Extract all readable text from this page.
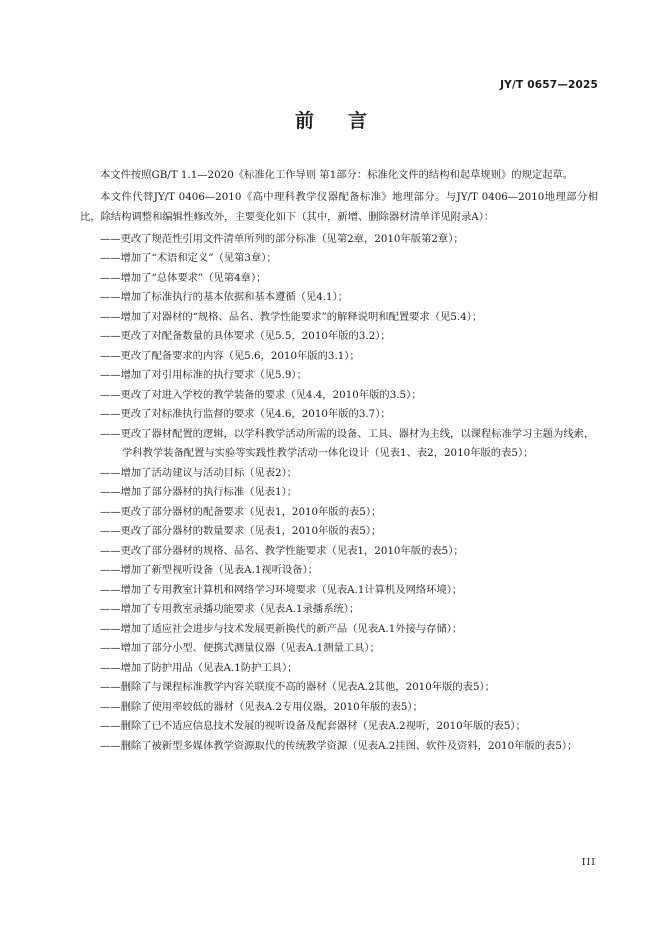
JY/T 0657—2025
前言

本文件按照GB/T 1.1—2020《标准化工作导则 第1部分：标准化文件的结构和起草规则》的规定起草。

本文件代替JY/T 0406—2010《高中理科教学仪器配备标准》地理部分。与JY/T 0406—2010地理部分相比，除结构调整和编辑性修改外，主要变化如下（其中，新增、删除器材清单详见附录A）：

——更改了规范性引用文件清单所列的部分标准（见第2章，2010年版第2章）；
——增加了“术语和定义”（见第3章）；
——增加了“总体要求”（见第4章）；
——增加了标准执行的基本依据和基本遵循（见4.1）；
——增加了对器材的“规格、品名、教学性能要求”的解释说明和配置要求（见5.4）；
——更改了对配备数量的具体要求（见5.5，2010年版的3.2）；
——更改了配备要求的内容（见5.6，2010年版的3.1）；
——增加了对引用标准的执行要求（见5.9）；
——更改了对进入学校的教学装备的要求（见4.4，2010年版的3.5）；
——更改了对标准执行监督的要求（见4.6，2010年版的3.7）；
——更改了器材配置的逻辑，以学科教学活动所需的设备、工具、器材为主线，以课程标准学习主题为线索，学科教学装备配置与实验等实践性教学活动一体化设计（见表1、表2，2010年版的表5）；
——增加了活动建议与活动目标（见表2）；
——增加了部分器材的执行标准（见表1）；
——更改了部分器材的配备要求（见表1，2010年版的表5）；
——更改了部分器材的数量要求（见表1，2010年版的表5）；
——更改了部分器材的规格、品名、教学性能要求（见表1，2010年版的表5）；
——增加了新型视听设备（见表A.1视听设备）；
——增加了专用教室计算机和网络学习环境要求（见表A.1计算机及网络环境）；
——增加了专用教室录播功能要求（见表A.1录播系统）；
——增加了适应社会进步与技术发展更新换代的新产品（见表A.1外接与存储）；
——增加了部分小型、便携式测量仪器（见表A.1测量工具）；
——增加了防护用品（见表A.1防护工具）；
——删除了与课程标准教学内容关联度不高的器材（见表A.2其他，2010年版的表5）；
——删除了使用率较低的器材（见表A.2专用仪器，2010年版的表5）；
——删除了已不适应信息技术发展的视听设备及配套器材（见表A.2视听，2010年版的表5）；
——删除了被新型多媒体教学资源取代的传统教学资源（见表A.2挂图、软件及资料，2010年版的表5）；
III
